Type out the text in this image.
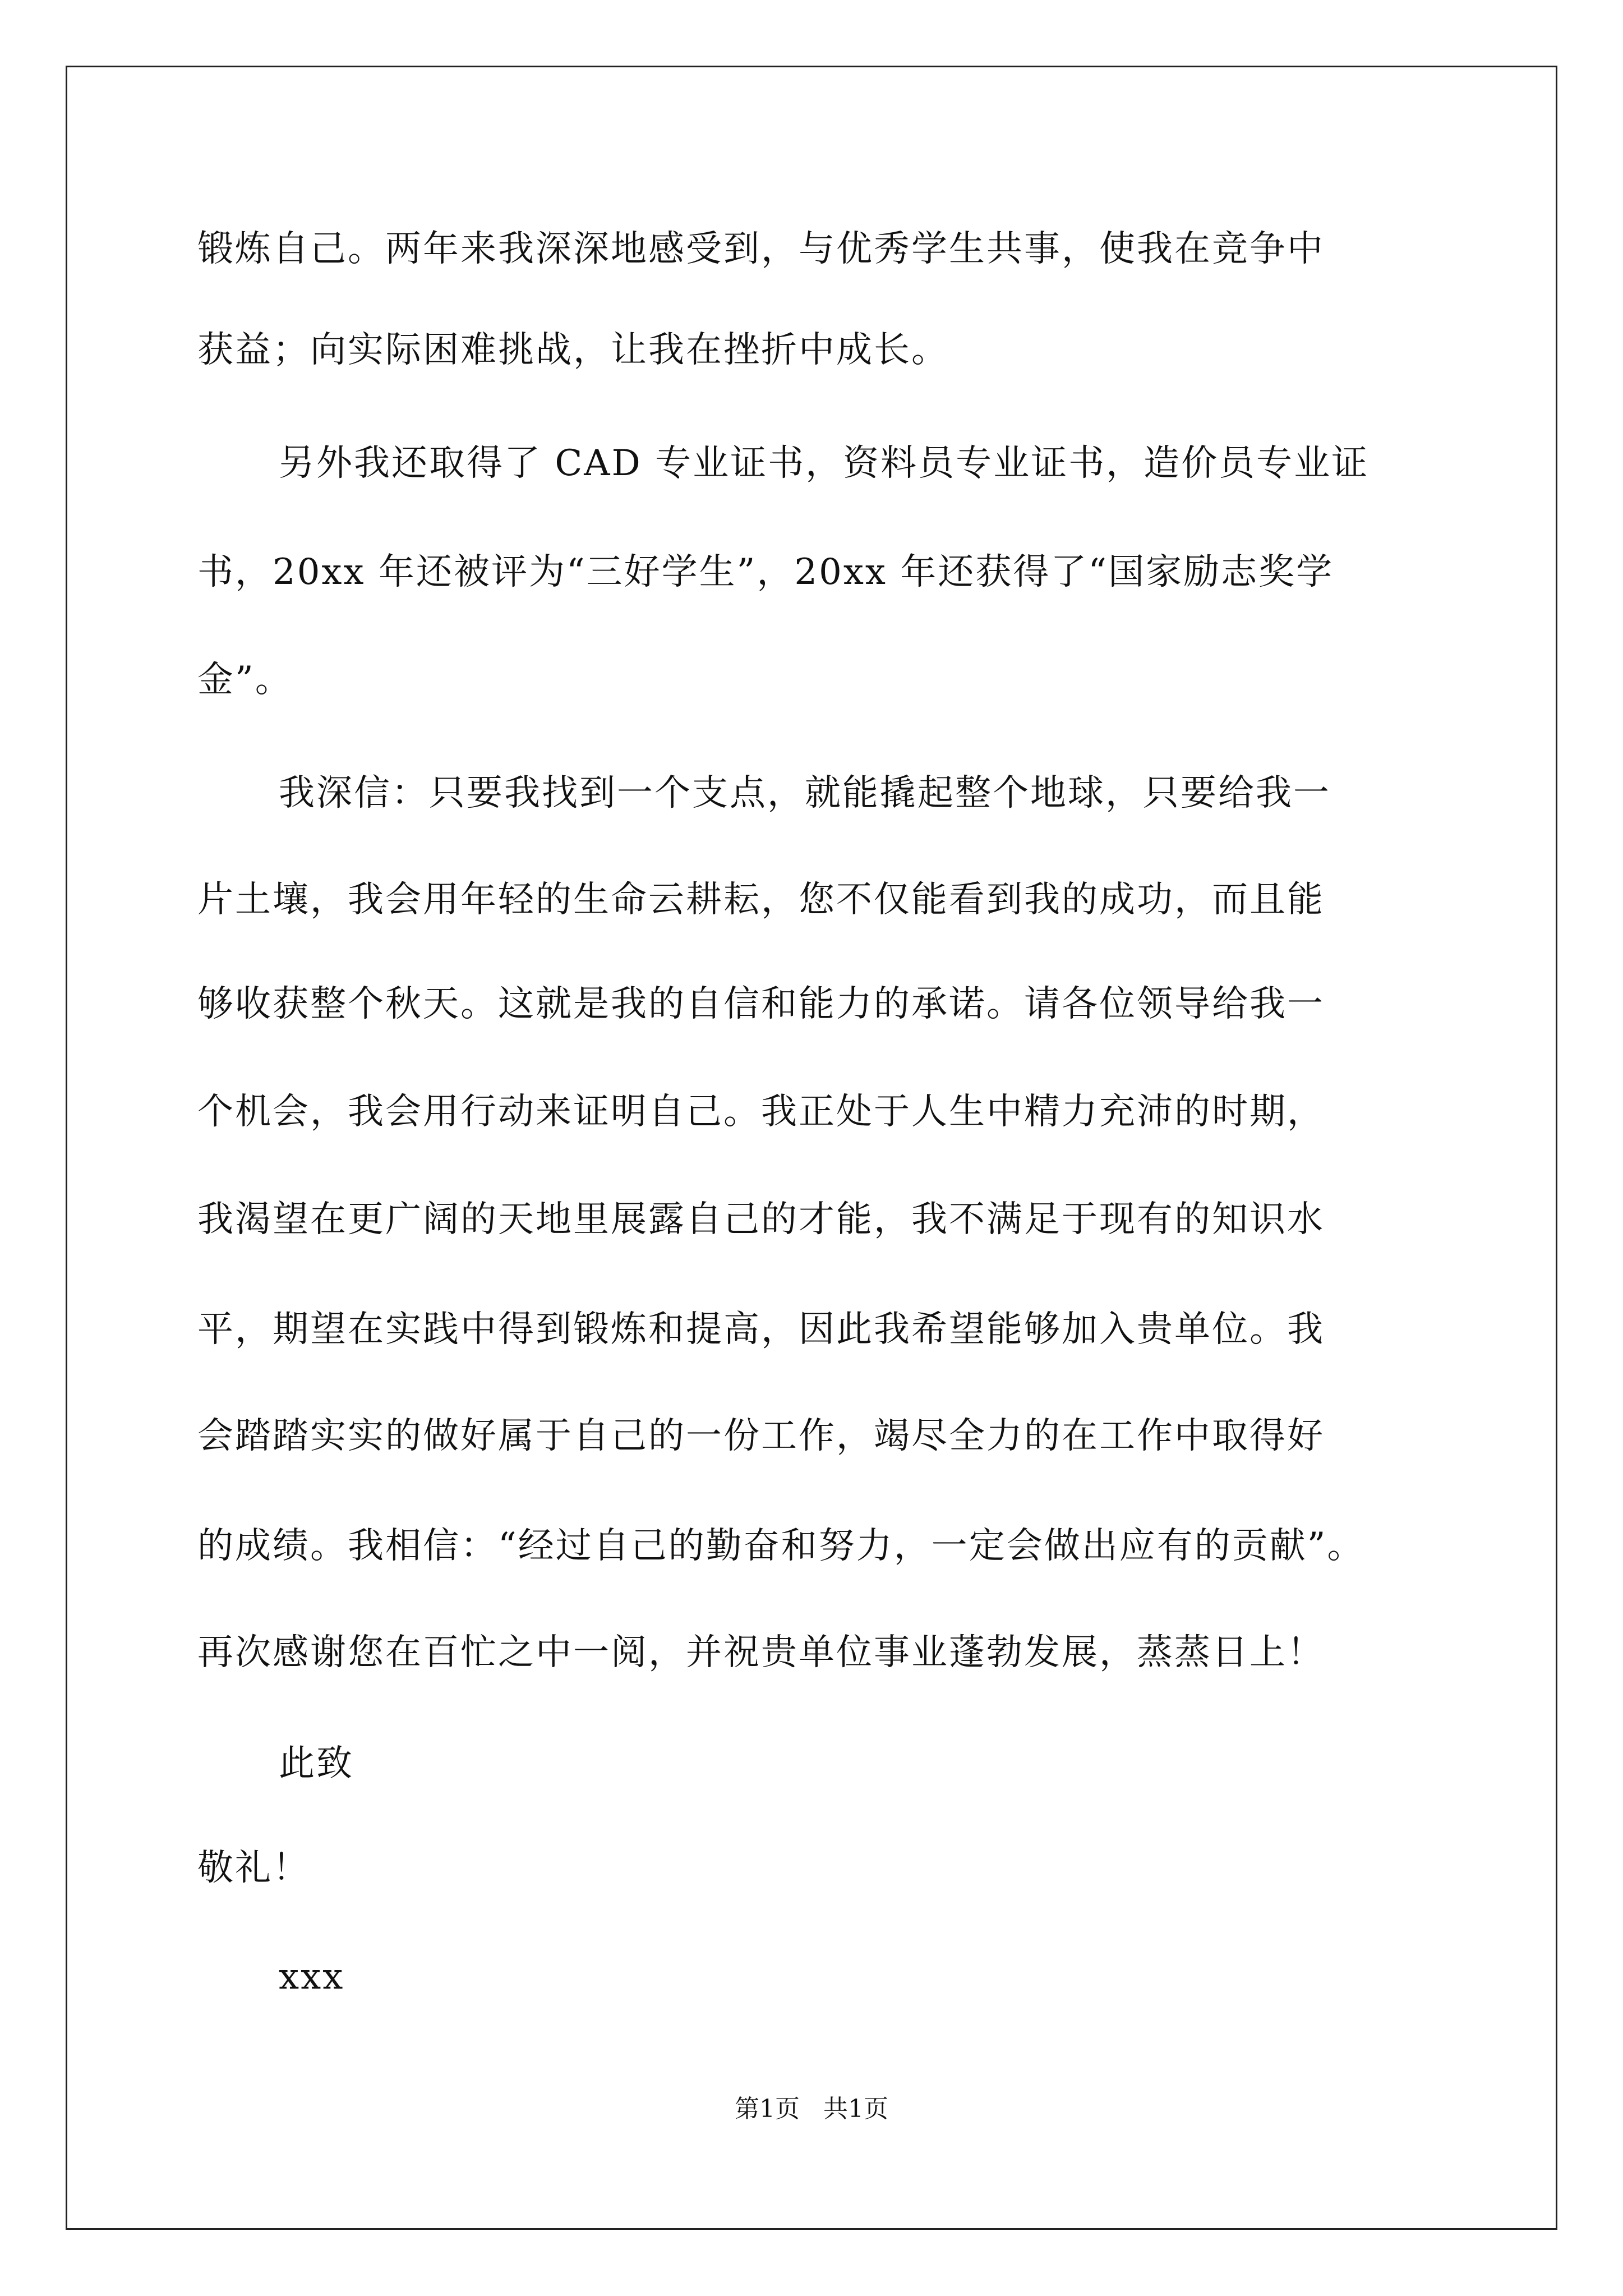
锻炼自己。两年来我深深地感受到，与优秀学生共事，使我在竞争中
获益；向实际困难挑战，让我在挫折中成长。
另外我还取得了 CAD 专业证书，资料员专业证书，造价员专业证
书，20xx 年还被评为“三好学生”，20xx 年还获得了“国家励志奖学
金”。
我深信：只要我找到一个支点，就能撬起整个地球，只要给我一
片土壤，我会用年轻的生命云耕耘，您不仅能看到我的成功，而且能
够收获整个秋天。这就是我的自信和能力的承诺。请各位领导给我一
个机会，我会用行动来证明自己。我正处于人生中精力充沛的时期，
我渴望在更广阔的天地里展露自己的才能，我不满足于现有的知识水
平，期望在实践中得到锻炼和提高，因此我希望能够加入贵单位。我
会踏踏实实的做好属于自己的一份工作，竭尽全力的在工作中取得好
的成绩。我相信：“经过自己的勤奋和努力，一定会做出应有的贡献”。
再次感谢您在百忙之中一阅，并祝贵单位事业蓬勃发展，蒸蒸日上！
此致
敬礼！
xxx
第1页   共1页
